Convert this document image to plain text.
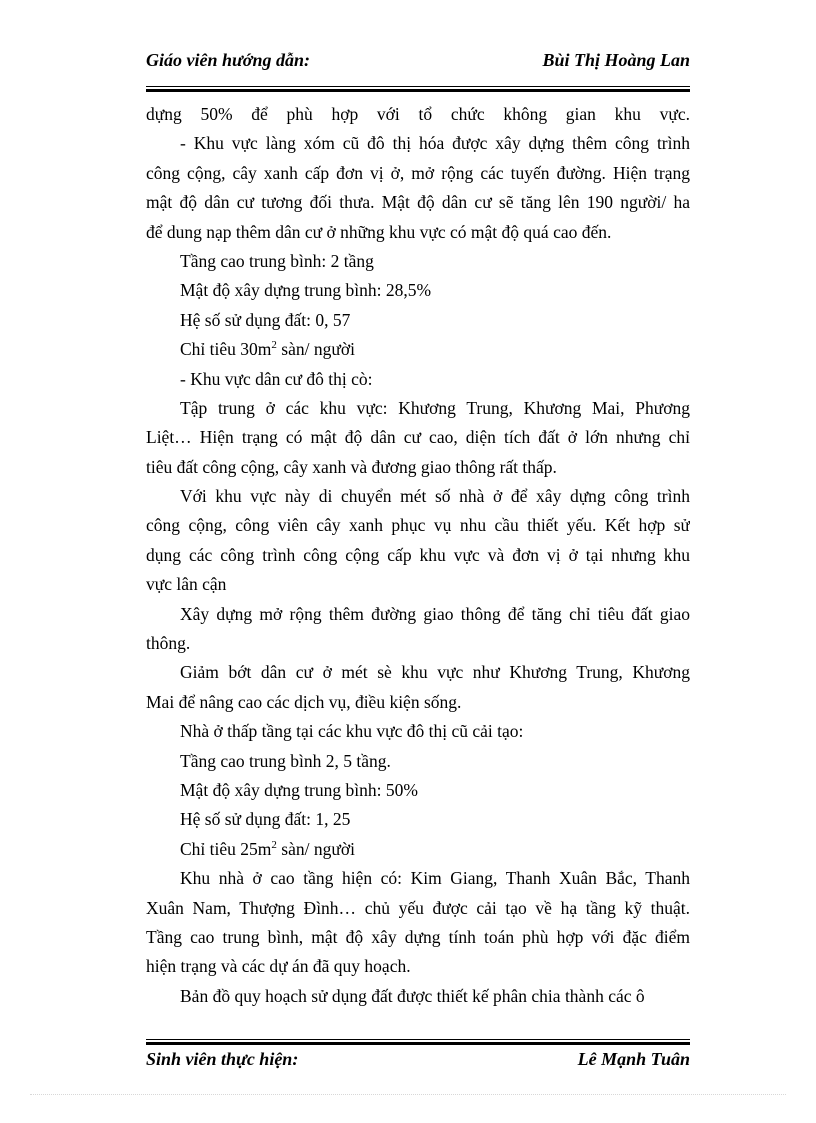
Giáo viên hướng dẫn:	Bùi Thị Hoàng Lan
dựng 50% để phù hợp với tổ chức không gian khu vực.
- Khu vực làng xóm cũ đô thị hóa được xây dựng thêm công trình
công cộng, cây xanh cấp đơn vị ở, mở rộng các tuyến đường. Hiện trạng
mật độ dân cư tương đối thưa. Mật độ dân cư sẽ tăng lên 190 người/ ha
để dung nạp thêm dân cư ở những khu vực có mật độ quá cao đến.
Tầng cao trung bình: 2 tầng
Mật độ xây dựng trung bình: 28,5%
Hệ số sử dụng đất: 0, 57
Chỉ tiêu $30m^2$ sàn/ người
- Khu vực dân cư đô thị cò:
Tập trung ở các khu vực: Khương Trung, Khương Mai, Phương
Liệt… Hiện trạng có mật độ dân cư cao, diện tích đất ở lớn nhưng chỉ
tiêu đất công cộng, cây xanh và đương giao thông rất thấp.
Với khu vực này di chuyển mét số nhà ở để xây dựng công trình
công cộng, công viên cây xanh phục vụ nhu cầu thiết yếu. Kết hợp sử
dụng các công trình công cộng cấp khu vực và đơn vị ở tại nhưng khu
vực lân cận
Xây dựng mở rộng thêm đường giao thông để tăng chỉ tiêu đất giao
thông.
Giảm bớt dân cư ở mét sè khu vực như Khương Trung, Khương
Mai để nâng cao các dịch vụ, điều kiện sống.
Nhà ở thấp tầng tại các khu vực đô thị cũ cải tạo:
Tầng cao trung bình 2, 5 tầng.
Mật độ xây dựng trung bình: 50%
Hệ số sử dụng đất: 1, 25
Chỉ tiêu $25m^2$ sàn/ người
Khu nhà ở cao tầng hiện có: Kim Giang, Thanh Xuân Bắc, Thanh
Xuân Nam, Thượng Đình… chủ yếu được cải tạo về hạ tầng kỹ thuật.
Tầng cao trung bình, mật độ xây dựng tính toán phù hợp với đặc điểm
hiện trạng và các dự án đã quy hoạch.
Bản đồ quy hoạch sử dụng đất được thiết kế phân chia thành các ô
Sinh viên thực hiện:	Lê Mạnh Tuân
